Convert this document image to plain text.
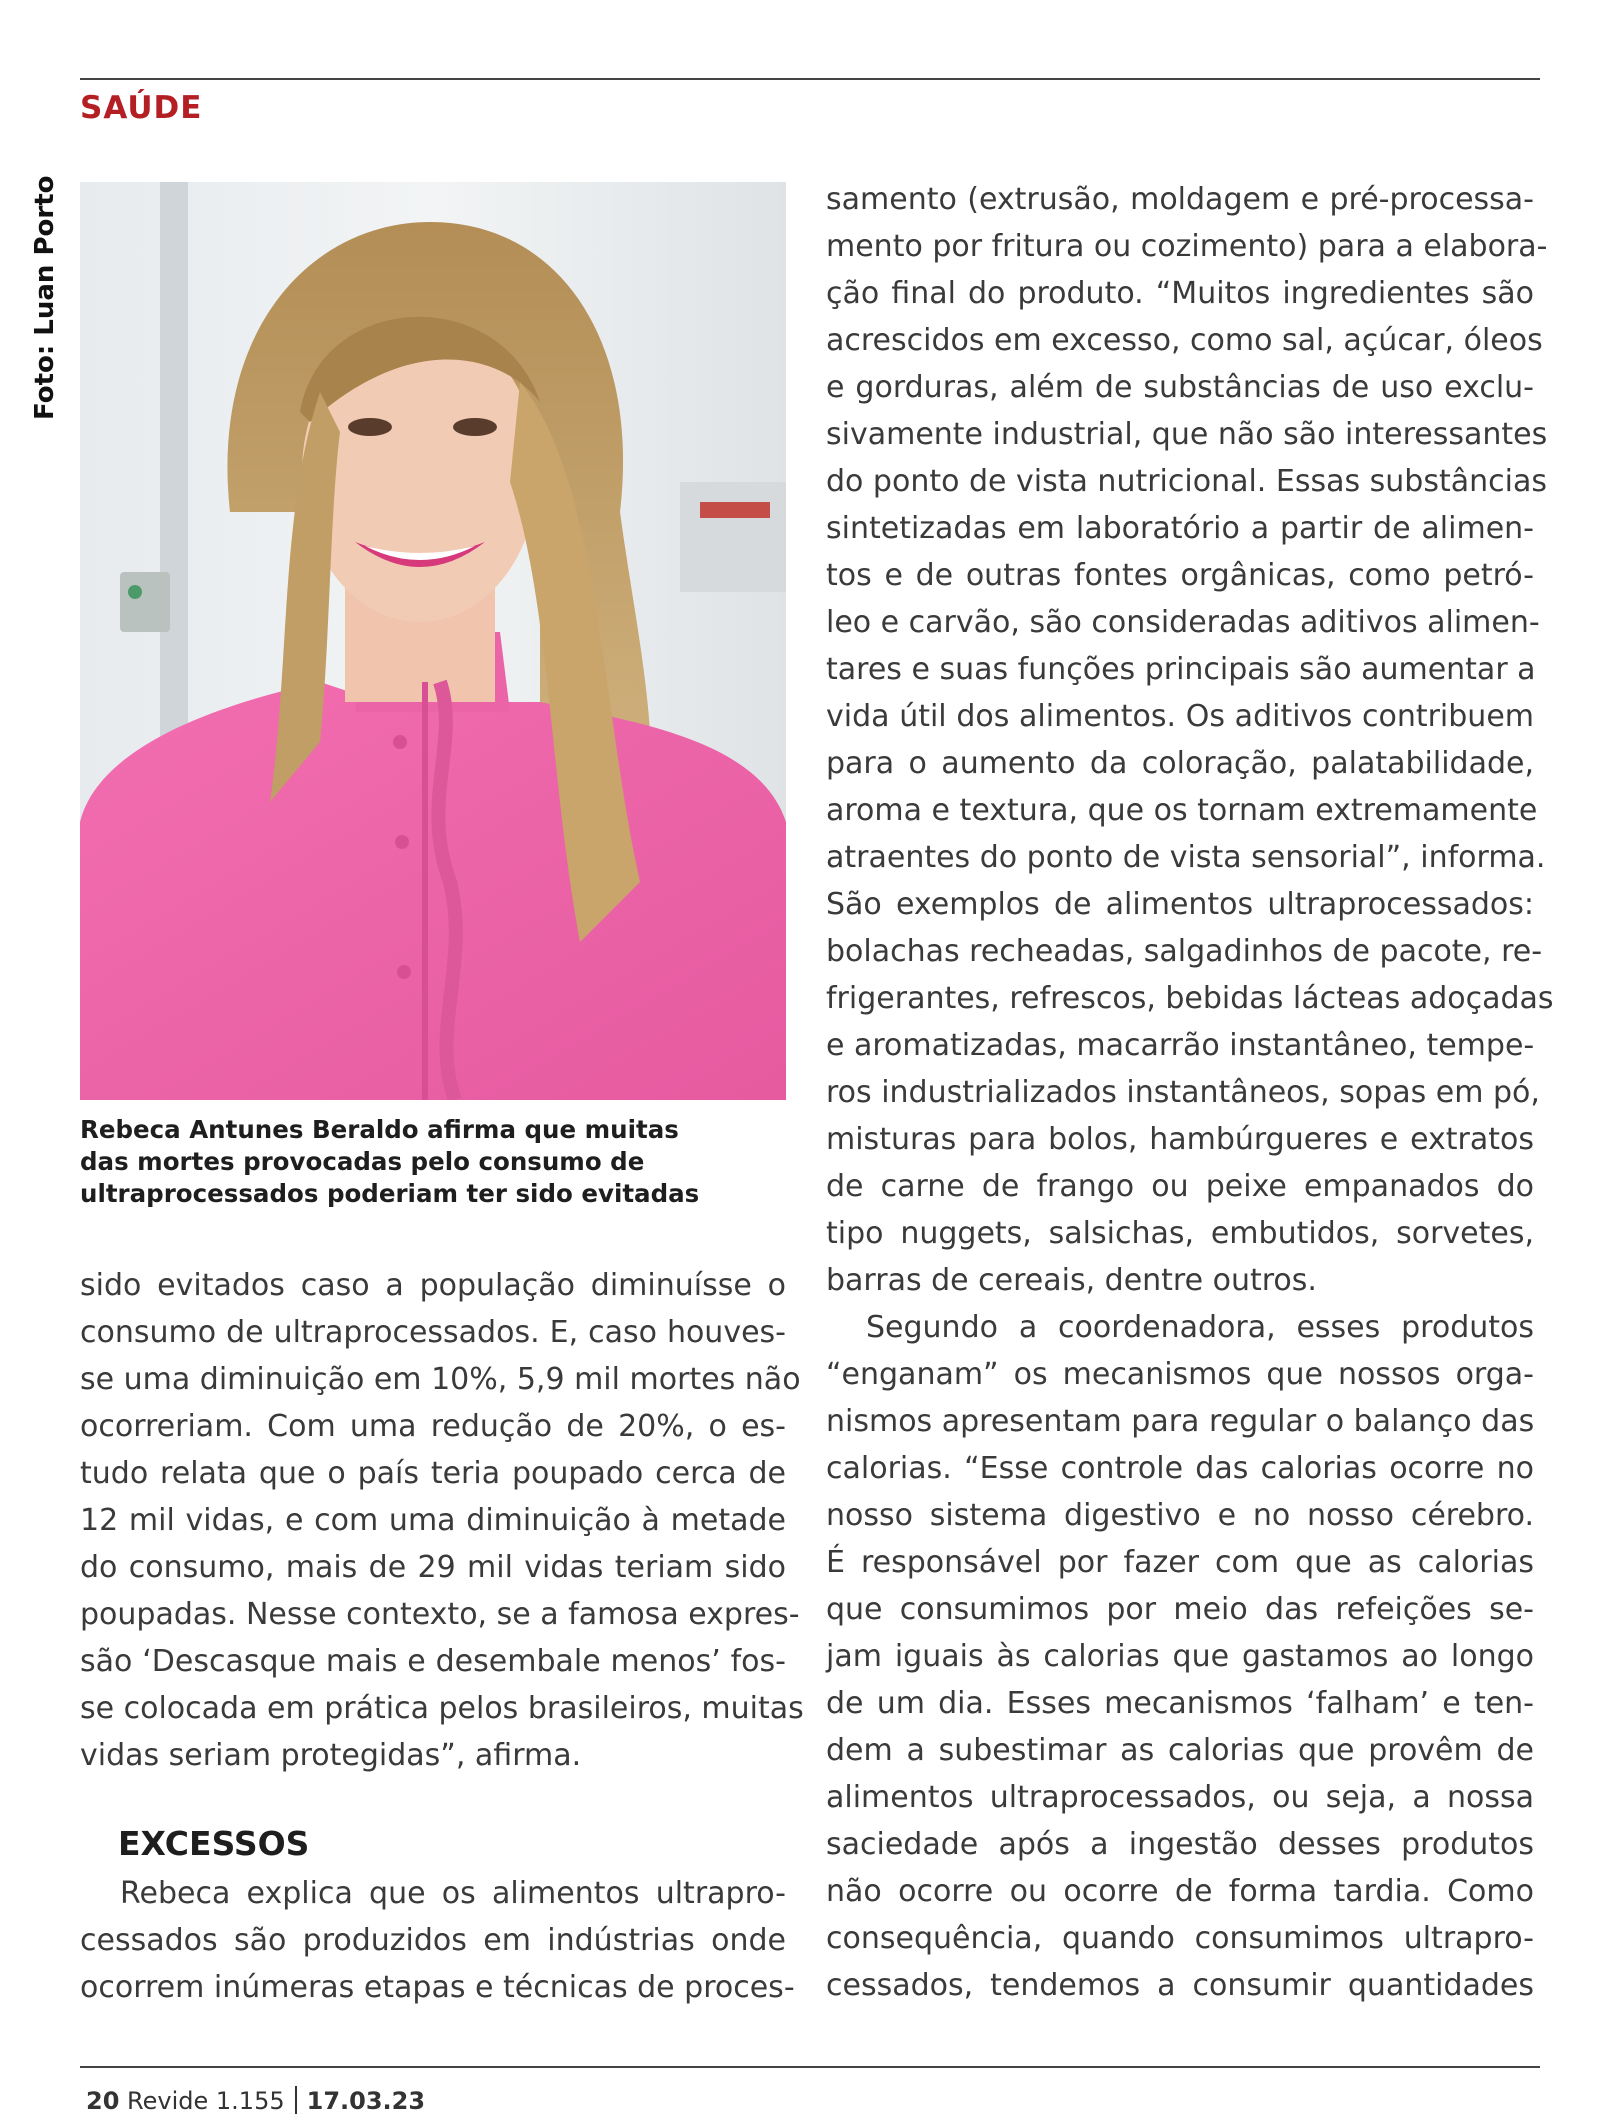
SAÚDE
Foto: Luan Porto
Rebeca Antunes Beraldo afirma que muitas
das mortes provocadas pelo consumo de
ultraprocessados poderiam ter sido evitadas
sido evitados caso a população diminuísse o
consumo de ultraprocessados. E, caso houves-
se uma diminuição em 10%, 5,9 mil mortes não
ocorreriam. Com uma redução de 20%, o es-
tudo relata que o país teria poupado cerca de
12 mil vidas, e com uma diminuição à metade
do consumo, mais de 29 mil vidas teriam sido
poupadas. Nesse contexto, se a famosa expres-
são ‘Descasque mais e desembale menos’ fos-
se colocada em prática pelos brasileiros, muitas
vidas seriam protegidas”, afirma.
EXCESSOS
Rebeca explica que os alimentos ultrapro-
cessados são produzidos em indústrias onde
ocorrem inúmeras etapas e técnicas de proces-
samento (extrusão, moldagem e pré-processa-
mento por fritura ou cozimento) para a elabora-
ção final do produto. “Muitos ingredientes são
acrescidos em excesso, como sal, açúcar, óleos
e gorduras, além de substâncias de uso exclu-
sivamente industrial, que não são interessantes
do ponto de vista nutricional. Essas substâncias
sintetizadas em laboratório a partir de alimen-
tos e de outras fontes orgânicas, como petró-
leo e carvão, são consideradas aditivos alimen-
tares e suas funções principais são aumentar a
vida útil dos alimentos. Os aditivos contribuem
para o aumento da coloração, palatabilidade,
aroma e textura, que os tornam extremamente
atraentes do ponto de vista sensorial”, informa.
São exemplos de alimentos ultraprocessados:
bolachas recheadas, salgadinhos de pacote, re-
frigerantes, refrescos, bebidas lácteas adoçadas
e aromatizadas, macarrão instantâneo, tempe-
ros industrializados instantâneos, sopas em pó,
misturas para bolos, hambúrgueres e extratos
de carne de frango ou peixe empanados do
tipo nuggets, salsichas, embutidos, sorvetes,
barras de cereais, dentre outros.
Segundo a coordenadora, esses produtos
“enganam” os mecanismos que nossos orga-
nismos apresentam para regular o balanço das
calorias. “Esse controle das calorias ocorre no
nosso sistema digestivo e no nosso cérebro.
É responsável por fazer com que as calorias
que consumimos por meio das refeições se-
jam iguais às calorias que gastamos ao longo
de um dia. Esses mecanismos ‘falham’ e ten-
dem a subestimar as calorias que provêm de
alimentos ultraprocessados, ou seja, a nossa
saciedade após a ingestão desses produtos
não ocorre ou ocorre de forma tardia. Como
consequência, quando consumimos ultrapro-
cessados, tendemos a consumir quantidades
20 Revide 1.155 17.03.23
